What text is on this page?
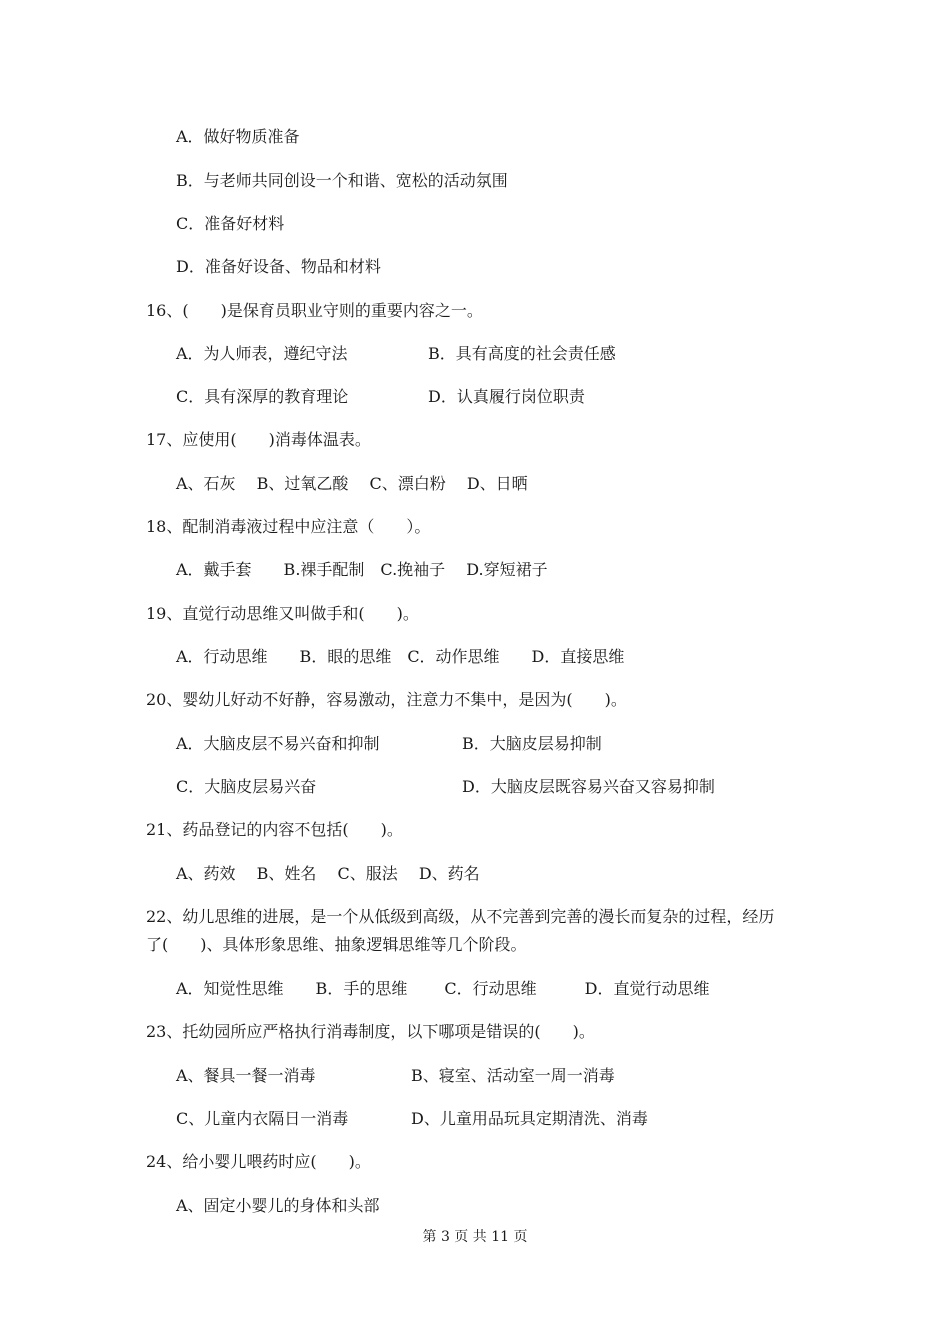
A．做好物质准备
B．与老师共同创设一个和谐、宽松的活动氛围
C．准备好材料
D．准备好设备、物品和材料
16、(　　)是保育员职业守则的重要内容之一。
A．为人师表，遵纪守法	B．具有高度的社会责任感
C．具有深厚的教育理论	D．认真履行岗位职责
17、应使用(　　)消毒体温表。
A、石灰　 B、过氧乙酸　 C、漂白粉　 D、日晒
18、配制消毒液过程中应注意（　　）。
A．戴手套　　B.裸手配制　C.挽袖子　 D.穿短裙子
19、直觉行动思维又叫做手和(　　)。
A．行动思维　　B．眼的思维　C．动作思维　　D．直接思维
20、婴幼儿好动不好静，容易激动，注意力不集中，是因为(　　)。
A．大脑皮层不易兴奋和抑制	B．大脑皮层易抑制
C．大脑皮层易兴奋	D．大脑皮层既容易兴奋又容易抑制
21、药品登记的内容不包括(　　)。
A、药效　 B、姓名　 C、服法　 D、药名
22、幼儿思维的进展，是一个从低级到高级，从不完善到完善的漫长而复杂的过程，经历
了(　　)、具体形象思维、抽象逻辑思维等几个阶段。
A．知觉性思维　　B．手的思维　　 C．行动思维　　　D．直觉行动思维
23、托幼园所应严格执行消毒制度，以下哪项是错误的(　　)。
A、餐具一餐一消毒	B、寝室、活动室一周一消毒
C、儿童内衣隔日一消毒	D、儿童用品玩具定期清洗、消毒
24、给小婴儿喂药时应(　　)。
A、固定小婴儿的身体和头部
第 3 页 共 11 页
